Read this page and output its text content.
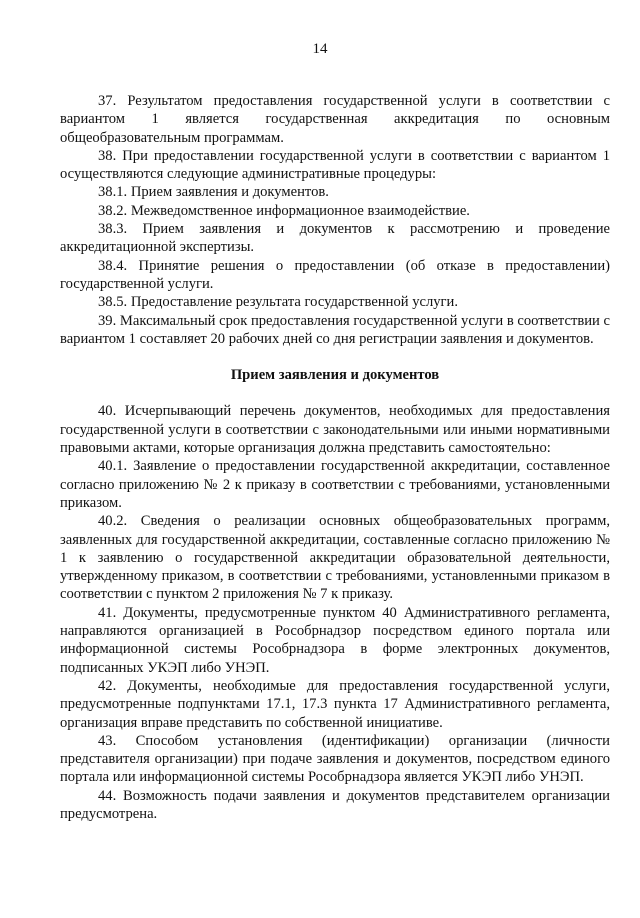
14

37. Результатом предоставления государственной услуги в соответствии с вариантом 1 является государственная аккредитация по основным общеобразовательным программам.

38. При предоставлении государственной услуги в соответствии с вариантом 1 осуществляются следующие административные процедуры:

38.1. Прием заявления и документов.

38.2. Межведомственное информационное взаимодействие.

38.3. Прием заявления и документов к рассмотрению и проведение аккредитационной экспертизы.

38.4. Принятие решения о предоставлении (об отказе в предоставлении) государственной услуги.

38.5. Предоставление результата государственной услуги.

39. Максимальный срок предоставления государственной услуги в соответствии с вариантом 1 составляет 20 рабочих дней со дня регистрации заявления и документов.

Прием заявления и документов

40. Исчерпывающий перечень документов, необходимых для предоставления государственной услуги в соответствии с законодательными или иными нормативными правовыми актами, которые организация должна представить самостоятельно:

40.1. Заявление о предоставлении государственной аккредитации, составленное согласно приложению № 2 к приказу в соответствии с требованиями, установленными приказом.

40.2. Сведения о реализации основных общеобразовательных программ, заявленных для государственной аккредитации, составленные согласно приложению № 1 к заявлению о государственной аккредитации образовательной деятельности, утвержденному приказом, в соответствии с требованиями, установленными приказом в соответствии с пунктом 2 приложения № 7 к приказу.

41. Документы, предусмотренные пунктом 40 Административного регламента, направляются организацией в Рособрнадзор посредством единого портала или информационной системы Рособрнадзора в форме электронных документов, подписанных УКЭП либо УНЭП.

42. Документы, необходимые для предоставления государственной услуги, предусмотренные подпунктами 17.1, 17.3 пункта 17 Административного регламента, организация вправе представить по собственной инициативе.

43. Способом установления (идентификации) организации (личности представителя организации) при подаче заявления и документов, посредством единого портала или информационной системы Рособрнадзора является УКЭП либо УНЭП.

44. Возможность подачи заявления и документов представителем организации предусмотрена.
